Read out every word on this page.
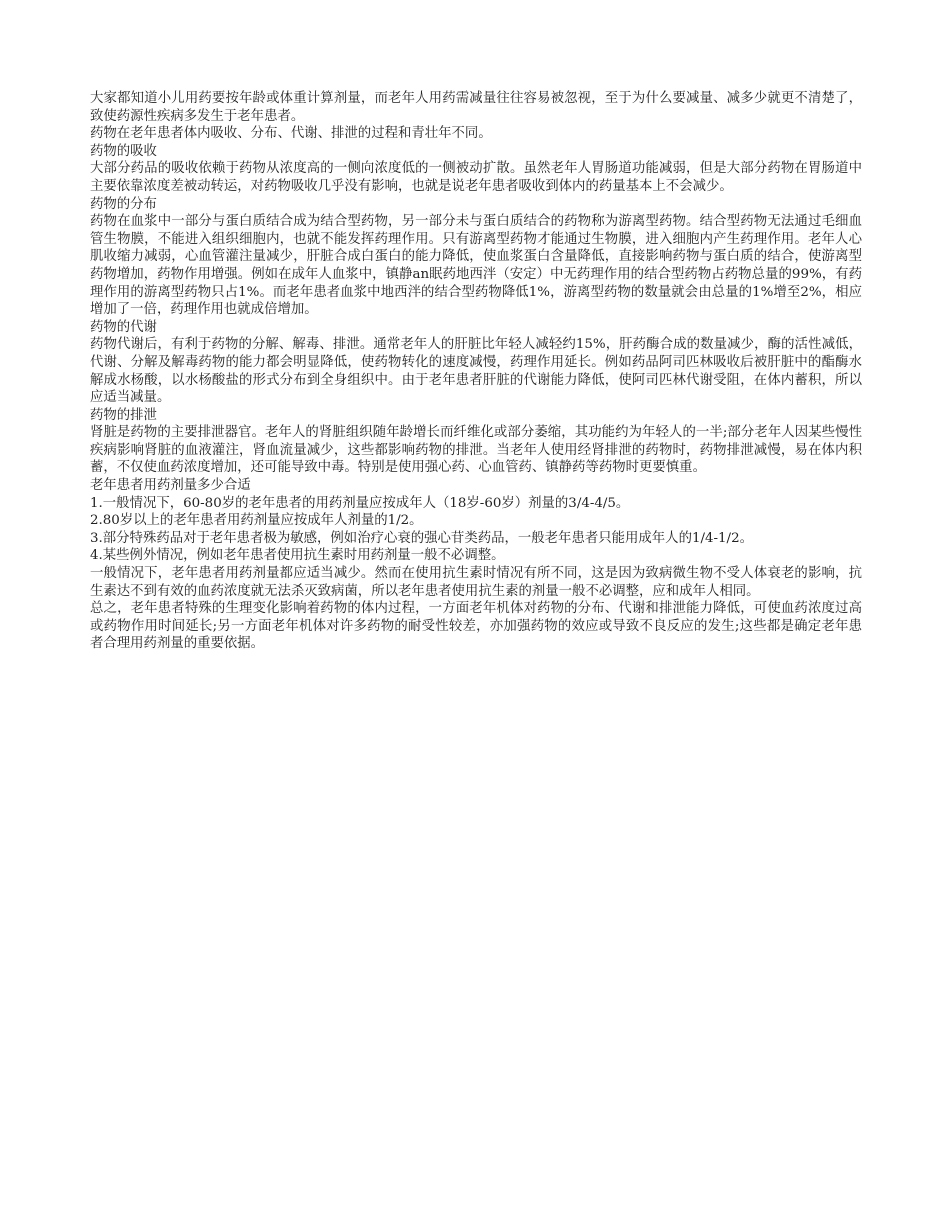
大家都知道小儿用药要按年龄或体重计算剂量，而老年人用药需减量往往容易被忽视，至于为什么要减量、减多少就更不清楚了，致使药源性疾病多发生于老年患者。

药物在老年患者体内吸收、分布、代谢、排泄的过程和青壮年不同。

药物的吸收

大部分药品的吸收依赖于药物从浓度高的一侧向浓度低的一侧被动扩散。虽然老年人胃肠道功能减弱，但是大部分药物在胃肠道中主要依靠浓度差被动转运，对药物吸收几乎没有影响，也就是说老年患者吸收到体内的药量基本上不会减少。

药物的分布

药物在血浆中一部分与蛋白质结合成为结合型药物，另一部分未与蛋白质结合的药物称为游离型药物。结合型药物无法通过毛细血管生物膜，不能进入组织细胞内，也就不能发挥药理作用。只有游离型药物才能通过生物膜，进入细胞内产生药理作用。老年人心肌收缩力减弱，心血管灌注量减少，肝脏合成白蛋白的能力降低，使血浆蛋白含量降低，直接影响药物与蛋白质的结合，使游离型药物增加，药物作用增强。例如在成年人血浆中，镇静an眠药地西泮（安定）中无药理作用的结合型药物占药物总量的99%，有药理作用的游离型药物只占1%。而老年患者血浆中地西泮的结合型药物降低1%，游离型药物的数量就会由总量的1%增至2%，相应增加了一倍，药理作用也就成倍增加。

药物的代谢

药物代谢后，有利于药物的分解、解毒、排泄。通常老年人的肝脏比年轻人减轻约15%，肝药酶合成的数量减少，酶的活性减低，代谢、分解及解毒药物的能力都会明显降低，使药物转化的速度减慢，药理作用延长。例如药品阿司匹林吸收后被肝脏中的酯酶水解成水杨酸，以水杨酸盐的形式分布到全身组织中。由于老年患者肝脏的代谢能力降低，使阿司匹林代谢受阻，在体内蓄积，所以应适当减量。

药物的排泄

肾脏是药物的主要排泄器官。老年人的肾脏组织随年龄增长而纤维化或部分萎缩，其功能约为年轻人的一半;部分老年人因某些慢性疾病影响肾脏的血液灌注，肾血流量减少，这些都影响药物的排泄。当老年人使用经肾排泄的药物时，药物排泄减慢，易在体内积蓄，不仅使血药浓度增加，还可能导致中毒。特别是使用强心药、心血管药、镇静药等药物时更要慎重。

老年患者用药剂量多少合适

1.一般情况下，60-80岁的老年患者的用药剂量应按成年人（18岁-60岁）剂量的3/4-4/5。

2.80岁以上的老年患者用药剂量应按成年人剂量的1/2。

3.部分特殊药品对于老年患者极为敏感，例如治疗心衰的强心苷类药品，一般老年患者只能用成年人的1/4-1/2。

4.某些例外情况，例如老年患者使用抗生素时用药剂量一般不必调整。

一般情况下，老年患者用药剂量都应适当减少。然而在使用抗生素时情况有所不同，这是因为致病微生物不受人体衰老的影响，抗生素达不到有效的血药浓度就无法杀灭致病菌，所以老年患者使用抗生素的剂量一般不必调整，应和成年人相同。

总之，老年患者特殊的生理变化影响着药物的体内过程，一方面老年机体对药物的分布、代谢和排泄能力降低，可使血药浓度过高或药物作用时间延长;另一方面老年机体对许多药物的耐受性较差，亦加强药物的效应或导致不良反应的发生;这些都是确定老年患者合理用药剂量的重要依据。
